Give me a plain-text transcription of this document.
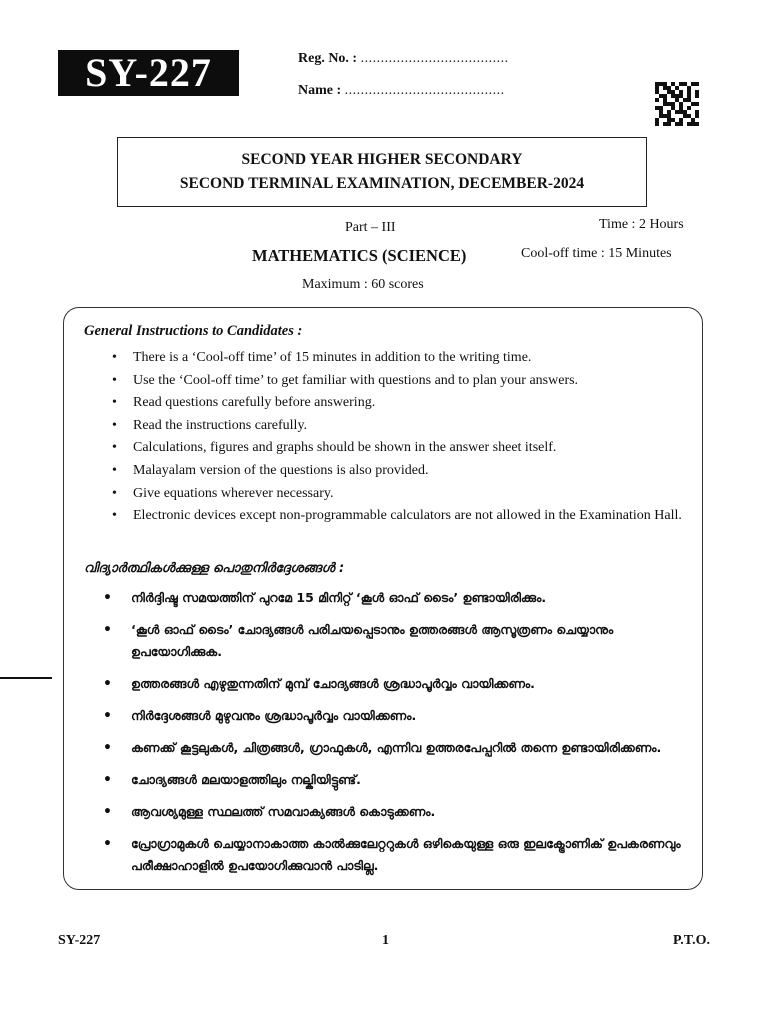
SY-227	Reg. No. : .....................................
Name : ........................................
SECOND YEAR HIGHER SECONDARY
SECOND TERMINAL EXAMINATION, DECEMBER-2024
Part – III	Time : 2 Hours
MATHEMATICS (SCIENCE)	Cool-off time : 15 Minutes
Maximum : 60 scores
General Instructions to Candidates :
• There is a ‘Cool-off time’ of 15 minutes in addition to the writing time.
• Use the ‘Cool-off time’ to get familiar with questions and to plan your answers.
• Read questions carefully before answering.
• Read the instructions carefully.
• Calculations, figures and graphs should be shown in the answer sheet itself.
• Malayalam version of the questions is also provided.
• Give equations wherever necessary.
• Electronic devices except non-programmable calculators are not allowed in the Examination Hall.
വിദ്യാർത്ഥികൾക്കുള്ള പൊതുനിർദ്ദേശങ്ങൾ :
• നിർദ്ദിഷ്ട സമയത്തിന് പുറമേ 15 മിനിറ്റ് ‘കൂൾ ഓഫ് ടൈം’ ഉണ്ടായിരിക്കും.
• ‘കൂൾ ഓഫ് ടൈം’ ചോദ്യങ്ങൾ പരിചയപ്പെടാനും ഉത്തരങ്ങൾ ആസൂത്രണം ചെയ്യാനും ഉപയോഗിക്കുക.
• ഉത്തരങ്ങൾ എഴുതുന്നതിന് മുമ്പ് ചോദ്യങ്ങൾ ശ്രദ്ധാപൂർവ്വം വായിക്കണം.
• നിർദ്ദേശങ്ങൾ മുഴുവനും ശ്രദ്ധാപൂർവ്വം വായിക്കണം.
• കണക്ക് കൂട്ടലുകൾ, ചിത്രങ്ങൾ, ഗ്രാഫുകൾ, എന്നിവ ഉത്തരപേപ്പറിൽ തന്നെ ഉണ്ടായിരിക്കണം.
• ചോദ്യങ്ങൾ മലയാളത്തിലും നല്കിയിട്ടുണ്ട്.
• ആവശ്യമുള്ള സ്ഥലത്ത് സമവാക്യങ്ങൾ കൊടുക്കണം.
• പ്രോഗ്രാമുകൾ ചെയ്യാനാകാത്ത കാൽക്കുലേറ്ററുകൾ ഒഴികെയുള്ള ഒരു ഇലക്ട്രോണിക് ഉപകരണവും പരീക്ഷാഹാളിൽ ഉപയോഗിക്കുവാൻ പാടില്ല.
SY-227	1	P.T.O.
